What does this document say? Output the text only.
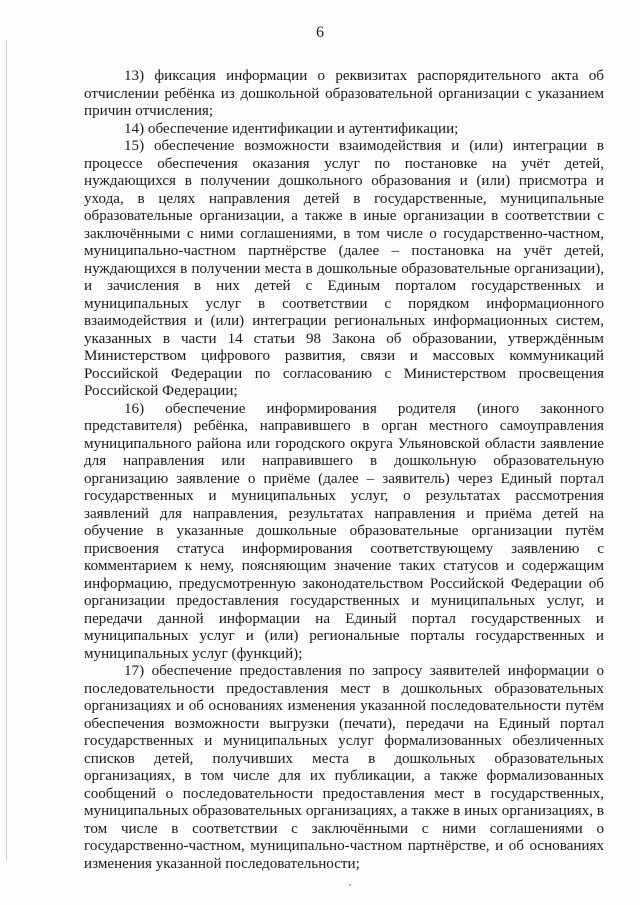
6

13) фиксация информации о реквизитах распорядительного акта об отчислении ребёнка из дошкольной образовательной организации с указанием причин отчисления;

14) обеспечение идентификации и аутентификации;

15) обеспечение возможности взаимодействия и (или) интеграции в процессе обеспечения оказания услуг по постановке на учёт детей, нуждающихся в получении дошкольного образования и (или) присмотра и ухода, в целях направления детей в государственные, муниципальные образовательные организации, а также в иные организации в соответствии с заключёнными с ними соглашениями, в том числе о государственно-частном, муниципально-частном партнёрстве (далее – постановка на учёт детей, нуждающихся в получении места в дошкольные образовательные организации), и зачисления в них детей с Единым порталом государственных и муниципальных услуг в соответствии с порядком информационного взаимодействия и (или) интеграции региональных информационных систем, указанных в части 14 статьи 98 Закона об образовании, утверждённым Министерством цифрового развития, связи и массовых коммуникаций Российской Федерации по согласованию с Министерством просвещения Российской Федерации;

16) обеспечение информирования родителя (иного законного представителя) ребёнка, направившего в орган местного самоуправления муниципального района или городского округа Ульяновской области заявление для направления или направившего в дошкольную образовательную организацию заявление о приёме (далее – заявитель) через Единый портал государственных и муниципальных услуг, о результатах рассмотрения заявлений для направления, результатах направления и приёма детей на обучение в указанные дошкольные образовательные организации путём присвоения статуса информирования соответствующему заявлению с комментарием к нему, поясняющим значение таких статусов и содержащим информацию, предусмотренную законодательством Российской Федерации об организации предоставления государственных и муниципальных услуг, и передачи данной информации на Единый портал государственных и муниципальных услуг и (или) региональные порталы государственных и муниципальных услуг (функций);

17) обеспечение предоставления по запросу заявителей информации о последовательности предоставления мест в дошкольных образовательных организациях и об основаниях изменения указанной последовательности путём обеспечения возможности выгрузки (печати), передачи на Единый портал государственных и муниципальных услуг формализованных обезличенных списков детей, получивших места в дошкольных образовательных организациях, в том числе для их публикации, а также формализованных сообщений о последовательности предоставления мест в государственных, муниципальных образовательных организациях, а также в иных организациях, в том числе в соответствии с заключёнными с ними соглашениями о государственно-частном, муниципально-частном партнёрстве, и об основаниях изменения указанной последовательности;
